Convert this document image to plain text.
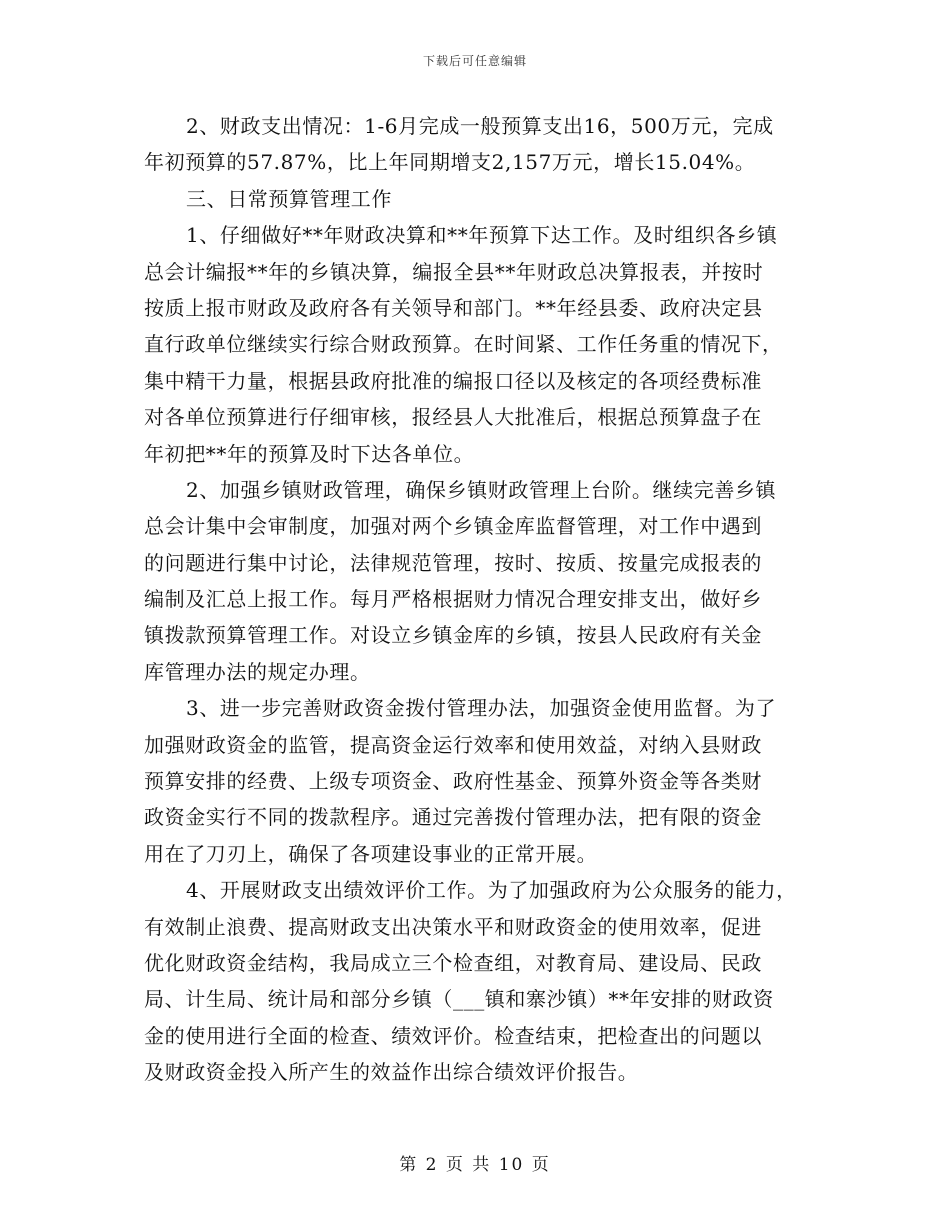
下载后可任意编辑
2、财政支出情况：1-6月完成一般预算支出16，500万元，完成
年初预算的57.87%，比上年同期增支2,157万元，增长15.04%。
三、日常预算管理工作
1、仔细做好**年财政决算和**年预算下达工作。及时组织各乡镇
总会计编报**年的乡镇决算，编报全县**年财政总决算报表，并按时
按质上报市财政及政府各有关领导和部门。**年经县委、政府决定县
直行政单位继续实行综合财政预算。在时间紧、工作任务重的情况下，
集中精干力量，根据县政府批准的编报口径以及核定的各项经费标准
对各单位预算进行仔细审核，报经县人大批准后，根据总预算盘子在
年初把**年的预算及时下达各单位。
2、加强乡镇财政管理，确保乡镇财政管理上台阶。继续完善乡镇
总会计集中会审制度，加强对两个乡镇金库监督管理，对工作中遇到
的问题进行集中讨论，法律规范管理，按时、按质、按量完成报表的
编制及汇总上报工作。每月严格根据财力情况合理安排支出，做好乡
镇拨款预算管理工作。对设立乡镇金库的乡镇，按县人民政府有关金
库管理办法的规定办理。
3、进一步完善财政资金拨付管理办法，加强资金使用监督。为了
加强财政资金的监管，提高资金运行效率和使用效益，对纳入县财政
预算安排的经费、上级专项资金、政府性基金、预算外资金等各类财
政资金实行不同的拨款程序。通过完善拨付管理办法，把有限的资金
用在了刀刃上，确保了各项建设事业的正常开展。
4、开展财政支出绩效评价工作。为了加强政府为公众服务的能力，
有效制止浪费、提高财政支出决策水平和财政资金的使用效率，促进
优化财政资金结构，我局成立三个检查组，对教育局、建设局、民政
局、计生局、统计局和部分乡镇（___镇和寨沙镇）**年安排的财政资
金的使用进行全面的检查、绩效评价。检查结束，把检查出的问题以
及财政资金投入所产生的效益作出综合绩效评价报告。
第 2 页 共 10 页
